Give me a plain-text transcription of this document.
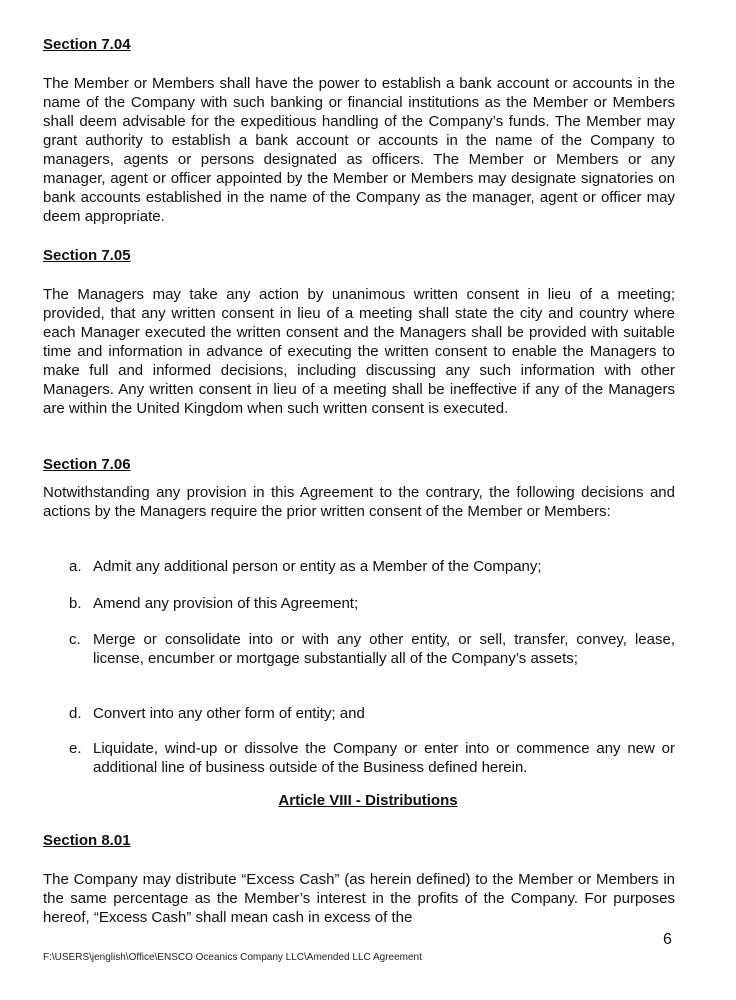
Section 7.04

The Member or Members shall have the power to establish a bank account or accounts in the name of the Company with such banking or financial institutions as the Member or Members shall deem advisable for the expeditious handling of the Company’s funds. The Member may grant authority to establish a bank account or accounts in the name of the Company to managers, agents or persons designated as officers. The Member or Members or any manager, agent or officer appointed by the Member or Members may designate signatories on bank accounts established in the name of the Company as the manager, agent or officer may deem appropriate.

Section 7.05

The Managers may take any action by unanimous written consent in lieu of a meeting; provided, that any written consent in lieu of a meeting shall state the city and country where each Manager executed the written consent and the Managers shall be provided with suitable time and information in advance of executing the written consent to enable the Managers to make full and informed decisions, including discussing any such information with other Managers. Any written consent in lieu of a meeting shall be ineffective if any of the Managers are within the United Kingdom when such written consent is executed.

Section 7.06

Notwithstanding any provision in this Agreement to the contrary, the following decisions and actions by the Managers require the prior written consent of the Member or Members:

a. Admit any additional person or entity as a Member of the Company;
b. Amend any provision of this Agreement;
c. Merge or consolidate into or with any other entity, or sell, transfer, convey, lease, license, encumber or mortgage substantially all of the Company’s assets;
d. Convert into any other form of entity; and
e. Liquidate, wind-up or dissolve the Company or enter into or commence any new or additional line of business outside of the Business defined herein.
Article VIII - Distributions
Section 8.01

The Company may distribute “Excess Cash” (as herein defined) to the Member or Members in the same percentage as the Member’s interest in the profits of the Company. For purposes hereof, “Excess Cash” shall mean cash in excess of the

6
F:\USERS\jenglish\Office\ENSCO Oceanics Company LLC\Amended LLC Agreement
